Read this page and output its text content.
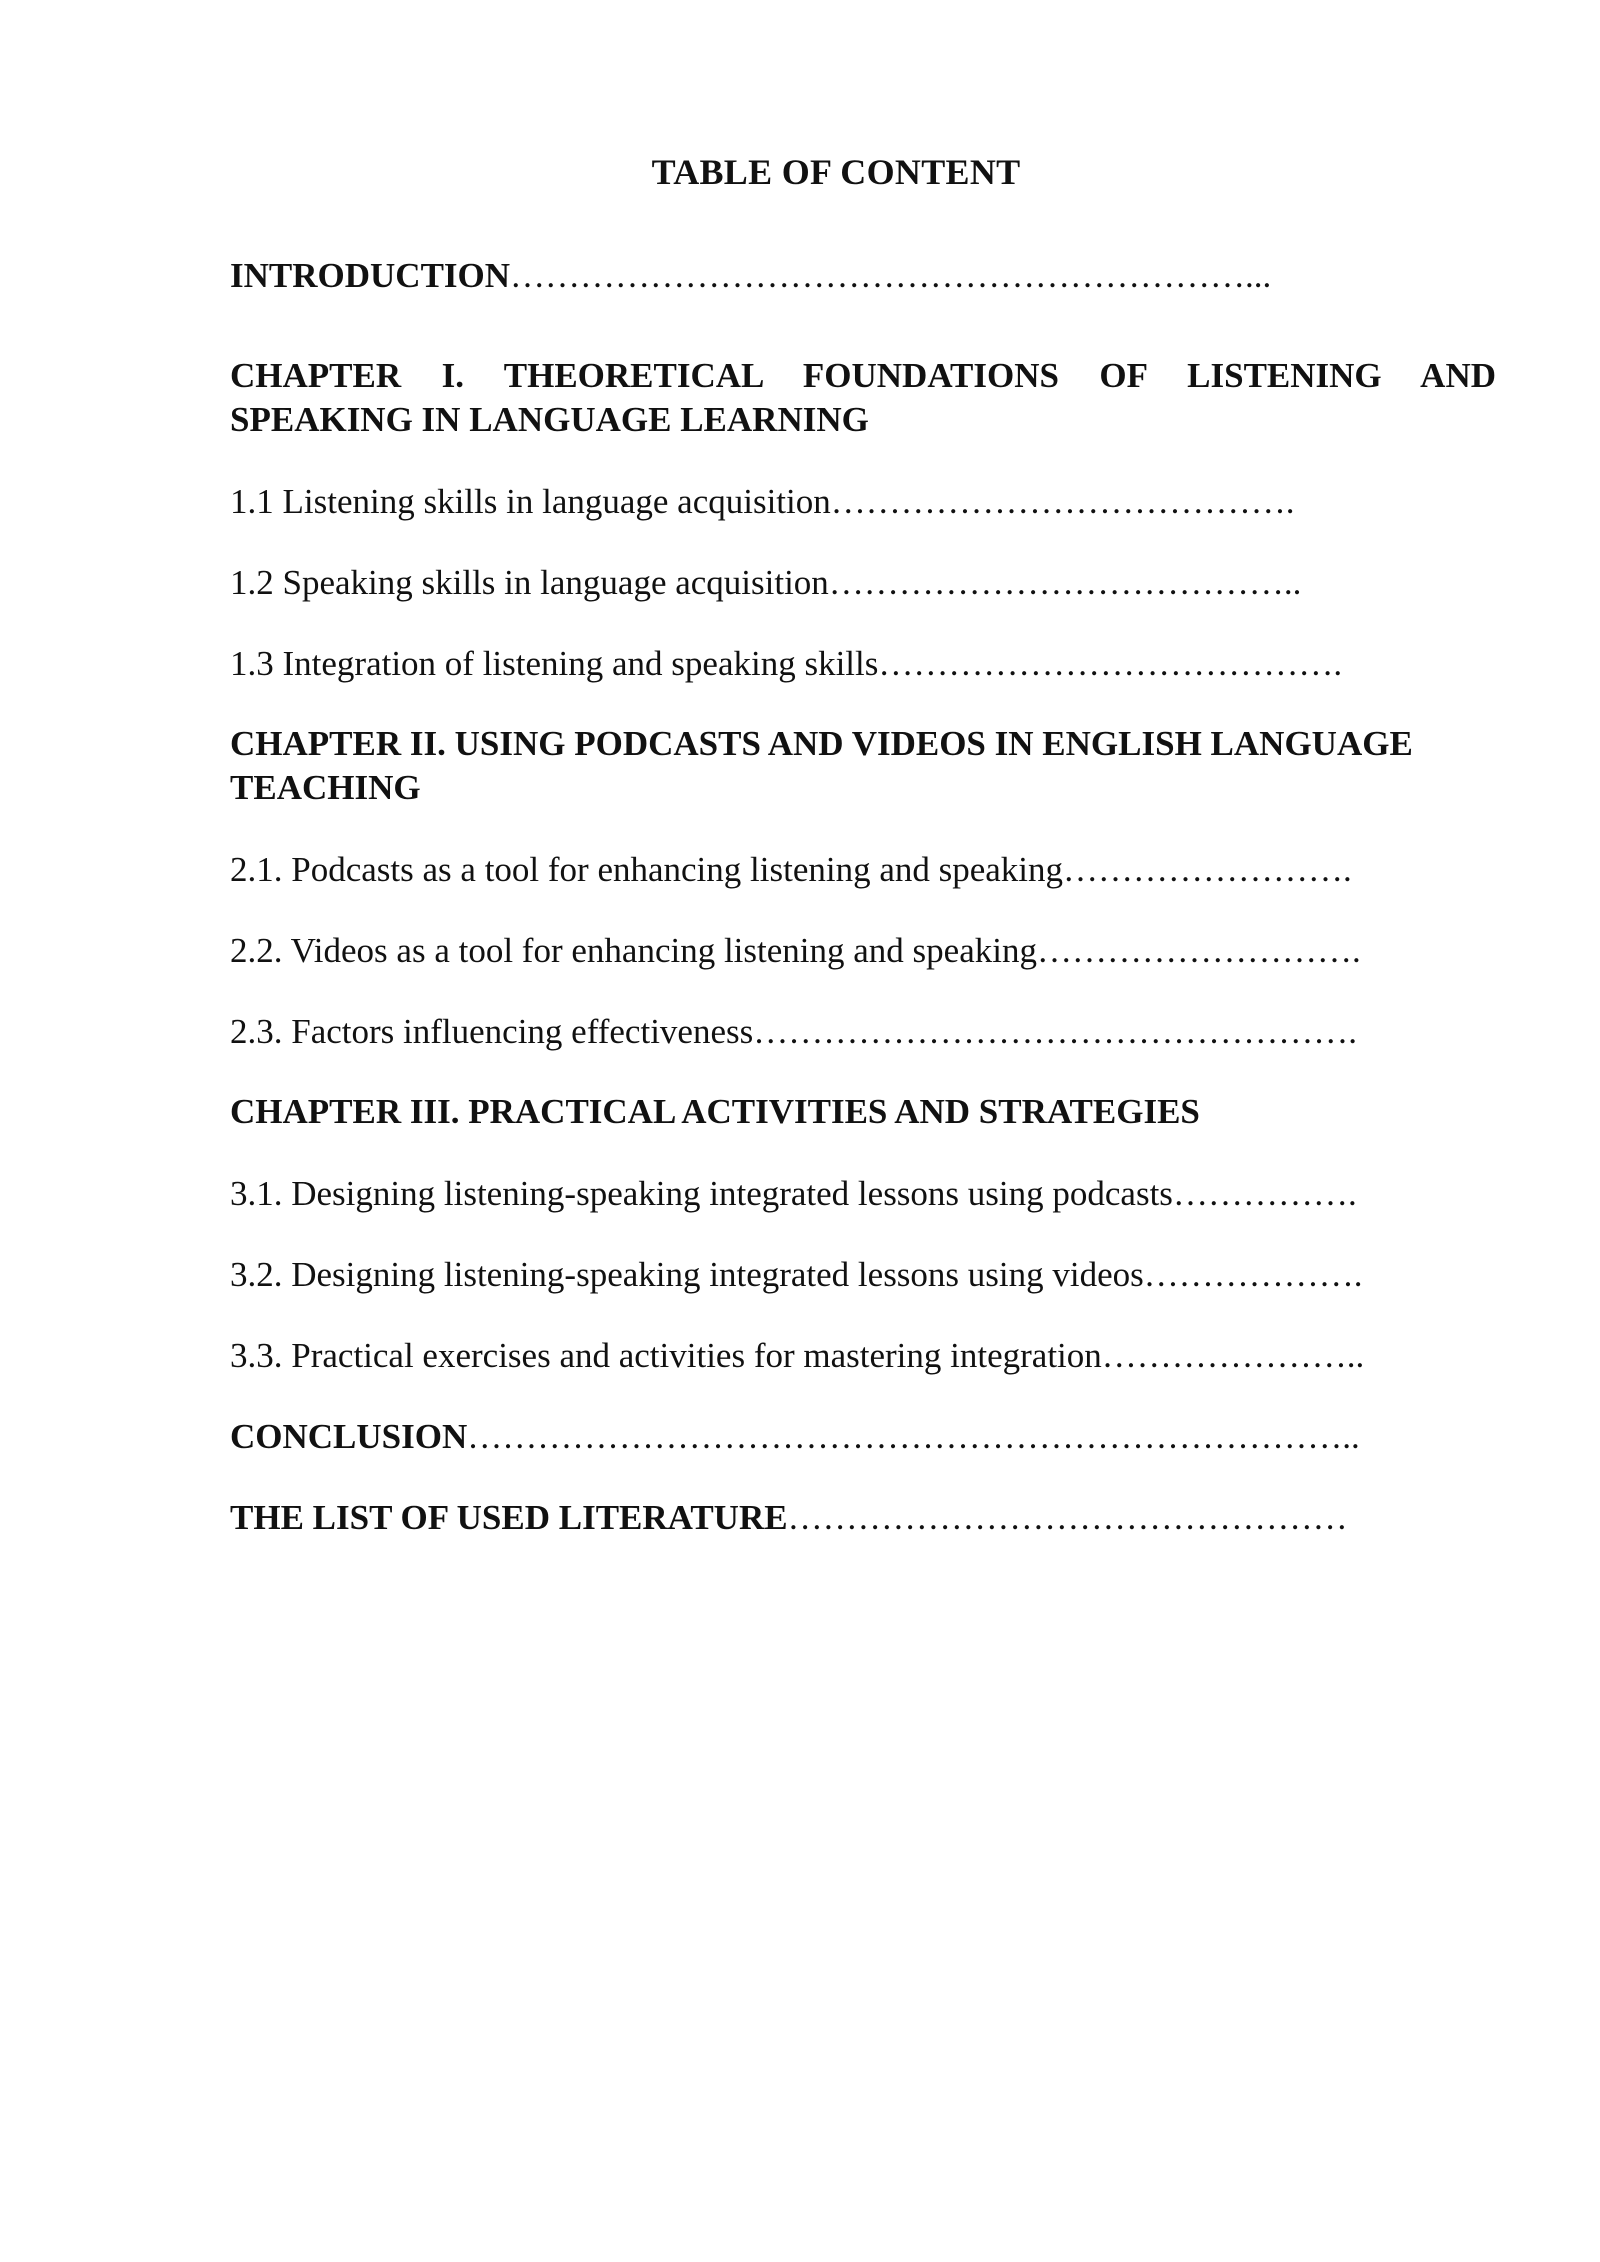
TABLE OF CONTENT
INTRODUCTION………………………………………………………...
CHAPTER I. THEORETICAL FOUNDATIONS OF LISTENING AND SPEAKING IN LANGUAGE LEARNING
1.1 Listening skills in language acquisition………………………………….
1.2 Speaking skills in language acquisition…………………………………..
1.3 Integration of listening and speaking skills………………………………….
CHAPTER II. USING PODCASTS AND VIDEOS IN ENGLISH LANGUAGE TEACHING
2.1. Podcasts as a tool for enhancing listening and speaking…………………….
2.2. Videos as a tool for enhancing listening and speaking……………………….
2.3. Factors influencing effectiveness…………………………………………….
CHAPTER III. PRACTICAL ACTIVITIES AND STRATEGIES
3.1. Designing listening-speaking integrated lessons using podcasts…………….
3.2. Designing listening-speaking integrated lessons using videos……………….
3.3. Practical exercises and activities for mastering integration…………………..
CONCLUSION…………………………………………………………………..
THE LIST OF USED LITERATURE…………………………………………
